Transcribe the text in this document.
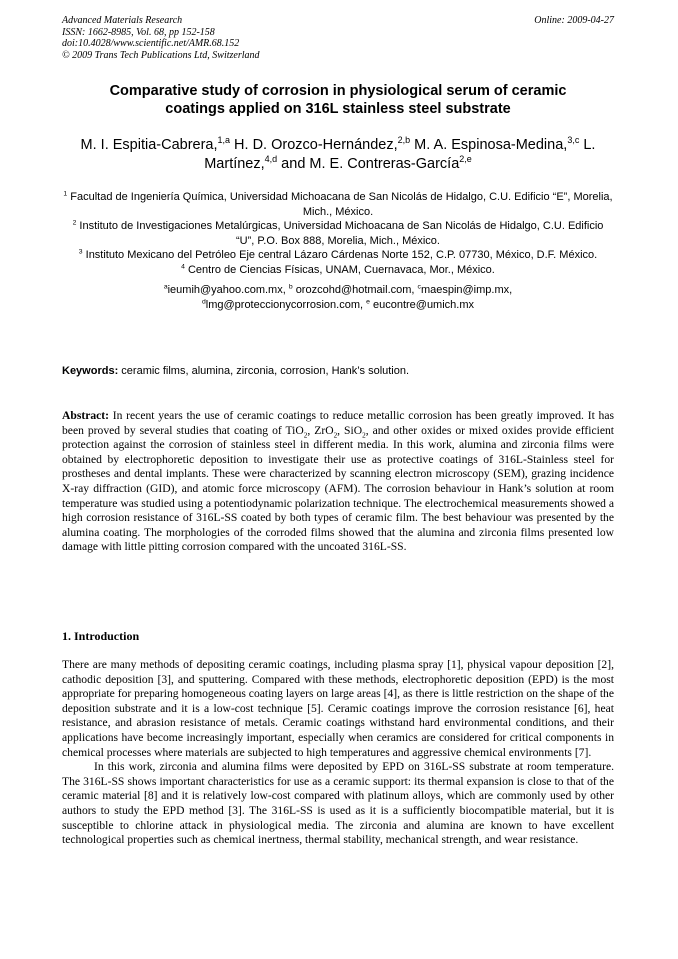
Advanced Materials Research
ISSN: 1662-8985, Vol. 68, pp 152-158
doi:10.4028/www.scientific.net/AMR.68.152
© 2009 Trans Tech Publications Ltd, Switzerland
Online: 2009-04-27
Comparative study of corrosion in physiological serum of ceramic
coatings applied on 316L stainless steel substrate
M. I. Espitia-Cabrera,$^{1,a}$ H. D. Orozco-Hernández,$^{2,b}$ M. A. Espinosa-Medina,$^{3,c}$ L. Martínez,$^{4,d}$ and M. E. Contreras-García$^{2,e}$
$^1$ Facultad de Ingeniería Química, Universidad Michoacana de San Nicolás de Hidalgo, C.U. Edificio “E”, Morelia, Mich., México.
$^2$ Instituto de Investigaciones Metalúrgicas, Universidad Michoacana de San Nicolás de Hidalgo, C.U. Edificio “U”, P.O. Box 888, Morelia, Mich., México.
$^3$ Instituto Mexicano del Petróleo Eje central Lázaro Cárdenas Norte 152, C.P. 07730, México, D.F. México.
$^4$ Centro de Ciencias Físicas, UNAM, Cuernavaca, Mor., México.
$^a$ieumih@yahoo.com.mx, $^b$ orozcohd@hotmail.com, $^c$maespin@imp.mx,
$^d$lmg@proteccionycorrosion.com, $^e$ eucontre@umich.mx
Keywords: ceramic films, alumina, zirconia, corrosion, Hank’s solution.
Abstract: In recent years the use of ceramic coatings to reduce metallic corrosion has been greatly improved. It has been proved by several studies that coating of TiO$_2$, ZrO$_2$, SiO$_2$, and other oxides or mixed oxides provide efficient protection against the corrosion of stainless steel in different media. In this work, alumina and zirconia films were obtained by electrophoretic deposition to investigate their use as protective coatings of 316L-Stainless steel for prostheses and dental implants. These were characterized by scanning electron microscopy (SEM), grazing incidence X-ray diffraction (GID), and atomic force microscopy (AFM). The corrosion behaviour in Hank’s solution at room temperature was studied using a potentiodynamic polarization technique. The electrochemical measurements showed a high corrosion resistance of 316L-SS coated by both types of ceramic film. The best behaviour was presented by the alumina coating. The morphologies of the corroded films showed that the alumina and zirconia films presented low damage with little pitting corrosion compared with the uncoated 316L-SS.
1. Introduction

There are many methods of depositing ceramic coatings, including plasma spray [1], physical vapour deposition [2], cathodic deposition [3], and sputtering. Compared with these methods, electrophoretic deposition (EPD) is the most appropriate for preparing homogeneous coating layers on large areas [4], as there is little restriction on the shape of the deposition substrate and it is a low-cost technique [5]. Ceramic coatings improve the corrosion resistance [6], heat resistance, and abrasion resistance of metals. Ceramic coatings withstand hard environmental conditions, and their applications have become increasingly important, especially when ceramics are considered for critical components in chemical processes where materials are subjected to high temperatures and aggressive chemical environments [7].

In this work, zirconia and alumina films were deposited by EPD on 316L-SS substrate at room temperature. The 316L-SS shows important characteristics for use as a ceramic support: its thermal expansion is close to that of the ceramic material [8] and it is relatively low-cost compared with platinum alloys, which are commonly used by other authors to study the EPD method [3]. The 316L-SS is used as it is a sufficiently biocompatible material, but it is susceptible to chlorine attack in physiological media. The zirconia and alumina are known to have excellent technological properties such as chemical inertness, thermal stability, mechanical strength, and wear resistance.
